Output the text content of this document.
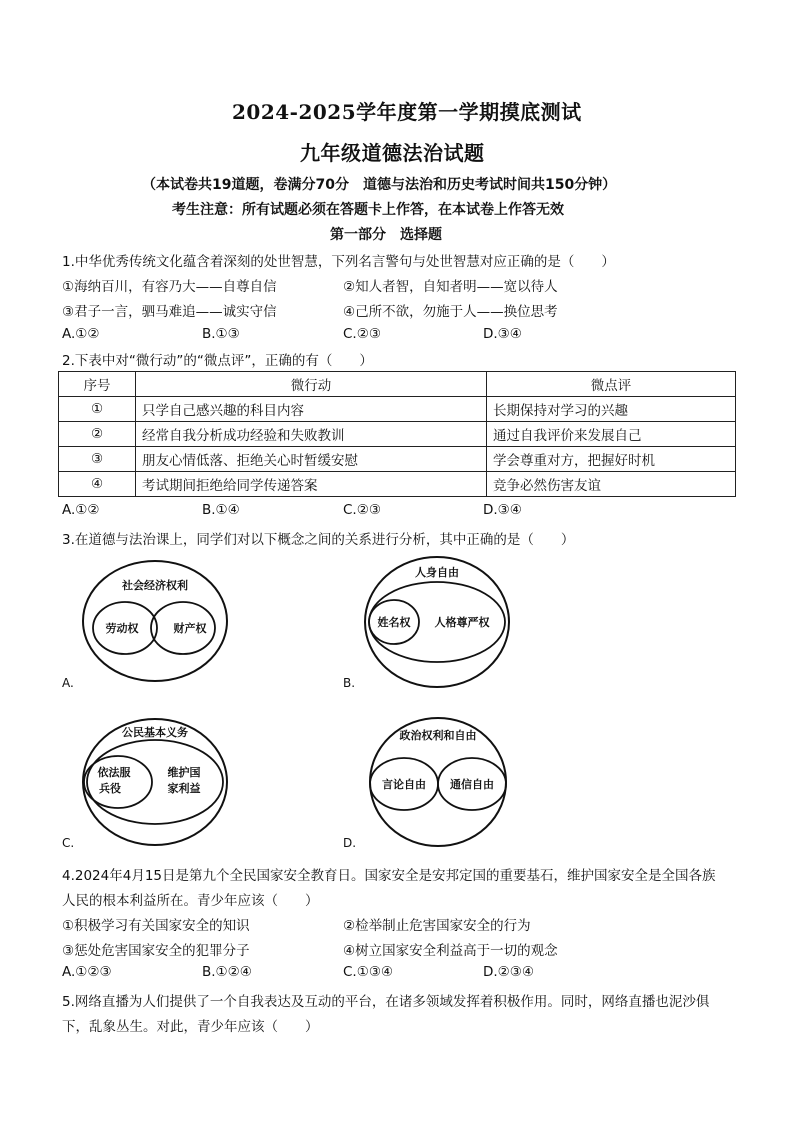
2024-2025学年度第一学期摸底测试
九年级道德法治试题
（本试卷共19道题，卷满分70分　道德与法治和历史考试时间共150分钟）
考生注意：所有试题必须在答题卡上作答，在本试卷上作答无效
第一部分　选择题
1.中华优秀传统文化蕴含着深刻的处世智慧，下列名言警句与处世智慧对应正确的是（　　）
①海纳百川，有容乃大——自尊自信	②知人者智，自知者明——宽以待人
③君子一言，驷马难追——诚实守信	④己所不欲，勿施于人——换位思考
A.①②	B.①③	C.②③	D.③④
2.下表中对“微行动”的“微点评”，正确的有（　　）
序号	微行动	微点评
①	只学自己感兴趣的科目内容	长期保持对学习的兴趣
②	经常自我分析成功经验和失败教训	通过自我评价来发展自己
③	朋友心情低落、拒绝关心时暂缓安慰	学会尊重对方，把握好时机
④	考试期间拒绝给同学传递答案	竞争必然伤害友谊
A.①②	B.①④	C.②③	D.③④
3.在道德与法治课上，同学们对以下概念之间的关系进行分析，其中正确的是（　　）
社会经济权利
劳动权	财产权
A.
人身自由
姓名权 人格尊严权
B.
公民基本义务
依法服
兵役
维护国
家利益
C.
政治权利和自由
言论自由 通信自由
D.
4.2024年4月15日是第九个全民国家安全教育日。国家安全是安邦定国的重要基石，维护国家安全是全国各族
人民的根本利益所在。青少年应该（　　）
①积极学习有关国家安全的知识	②检举制止危害国家安全的行为
③惩处危害国家安全的犯罪分子	④树立国家安全利益高于一切的观念
A.①②③	B.①②④	C.①③④	D.②③④
5.网络直播为人们提供了一个自我表达及互动的平台，在诸多领域发挥着积极作用。同时，网络直播也泥沙俱
下，乱象丛生。对此，青少年应该（　　）
